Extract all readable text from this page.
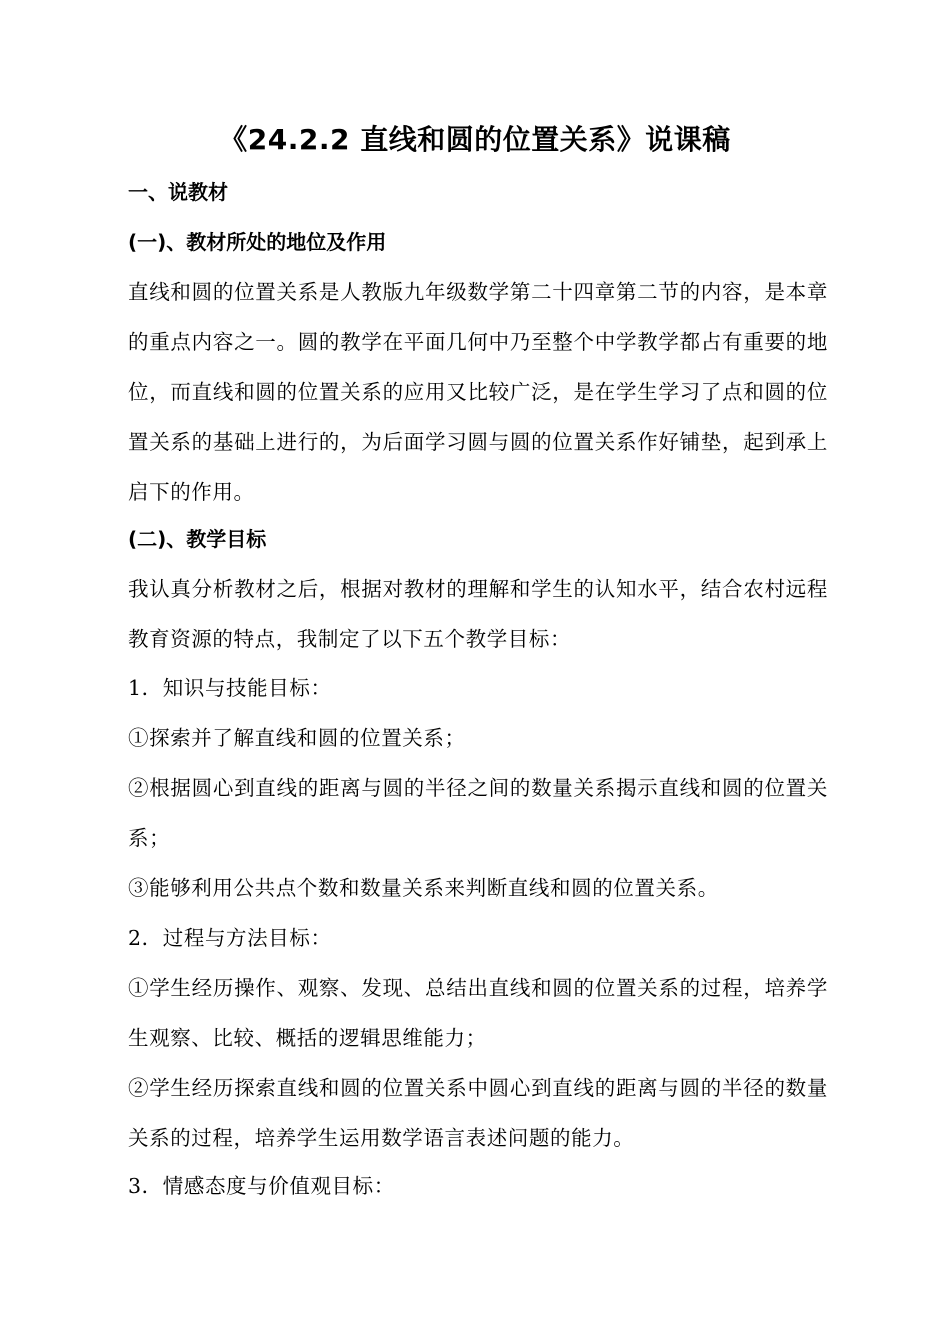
《24.2.2 直线和圆的位置关系》说课稿
一、说教材
(一)、教材所处的地位及作用
直线和圆的位置关系是人教版九年级数学第二十四章第二节的内容，是本章的重点内容之一。圆的教学在平面几何中乃至整个中学教学都占有重要的地位，而直线和圆的位置关系的应用又比较广泛，是在学生学习了点和圆的位置关系的基础上进行的，为后面学习圆与圆的位置关系作好铺垫，起到承上启下的作用。
(二)、教学目标
我认真分析教材之后，根据对教材的理解和学生的认知水平，结合农村远程教育资源的特点，我制定了以下五个教学目标：
1．知识与技能目标：
①探索并了解直线和圆的位置关系；
②根据圆心到直线的距离与圆的半径之间的数量关系揭示直线和圆的位置关系；
③能够利用公共点个数和数量关系来判断直线和圆的位置关系。
2．过程与方法目标：
①学生经历操作、观察、发现、总结出直线和圆的位置关系的过程，培养学生观察、比较、概括的逻辑思维能力；
②学生经历探索直线和圆的位置关系中圆心到直线的距离与圆的半径的数量关系的过程，培养学生运用数学语言表述问题的能力。
3．情感态度与价值观目标：
